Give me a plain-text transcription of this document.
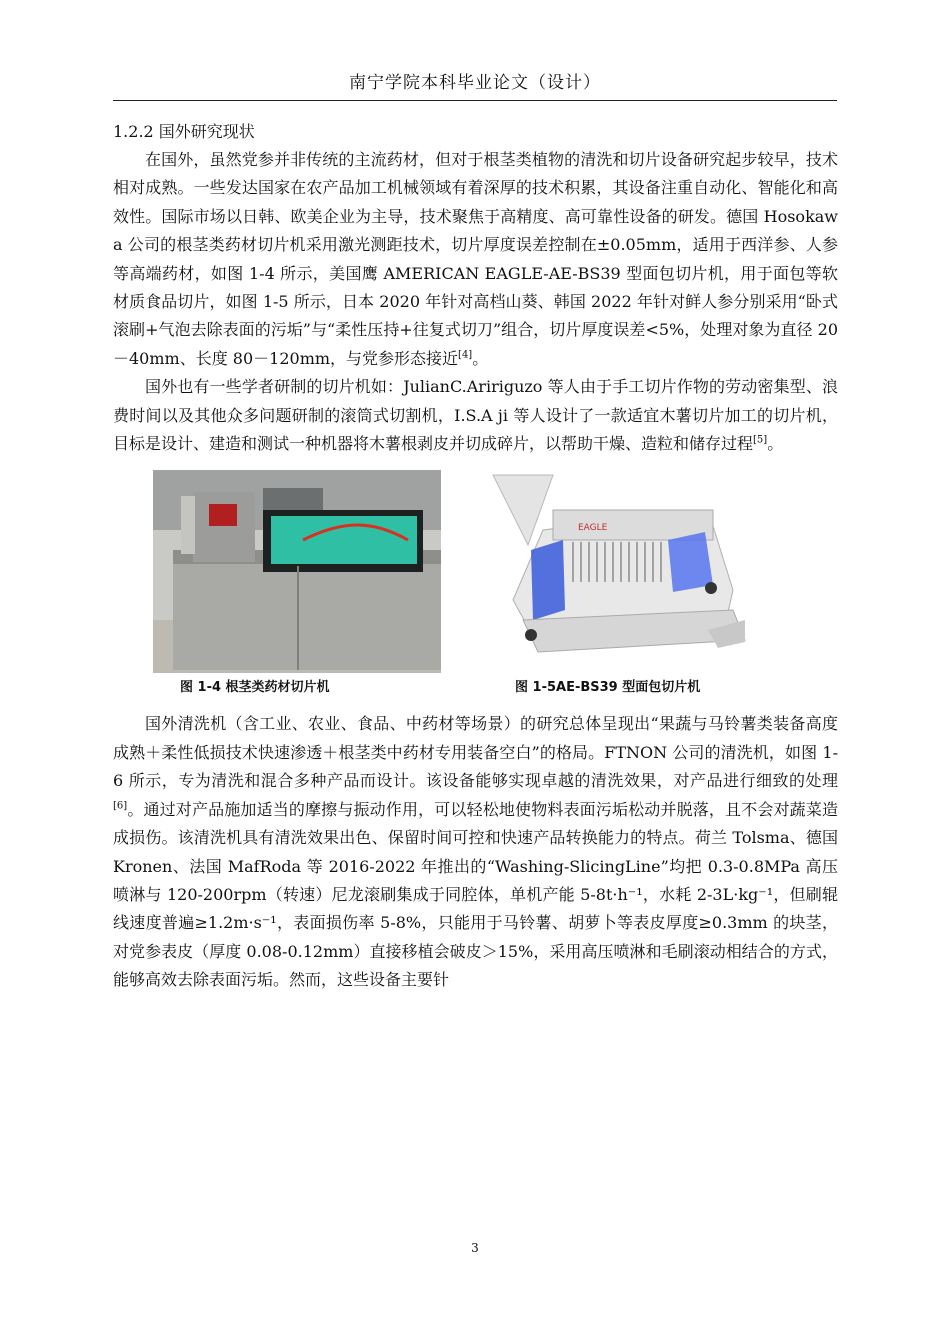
南宁学院本科毕业论文（设计）

1.2.2 国外研究现状

在国外，虽然党参并非传统的主流药材，但对于根茎类植物的清洗和切片设备研究起步较早，技术相对成熟。一些发达国家在农产品加工机械领域有着深厚的技术积累，其设备注重自动化、智能化和高效性。国际市场以日韩、欧美企业为主导，技术聚焦于高精度、高可靠性设备的研发。德国 Hosokawa 公司的根茎类药材切片机采用激光测距技术，切片厚度误差控制在±0.05mm，适用于西洋参、人参等高端药材，如图 1-4 所示，美国鹰 AMERICAN EAGLE-AE-BS39 型面包切片机，用于面包等软材质食品切片，如图 1-5 所示，日本 2020 年针对高档山葵、韩国 2022 年针对鲜人参分别采用“卧式滚刷+气泡去除表面的污垢”与“柔性压持+往复式切刀”组合，切片厚度误差<5%，处理对象为直径 20－40mm、长度 80－120mm，与党参形态接近[4]。

国外也有一些学者研制的切片机如：JulianC.Aririguzo 等人由于手工切片作物的劳动密集型、浪费时间以及其他众多问题研制的滚筒式切割机，I.S.A ji 等人设计了一款适宜木薯切片加工的切片机，目标是设计、建造和测试一种机器将木薯根剥皮并切成碎片，以帮助干燥、造粒和储存过程[5]。

EAGLE
图 1-4 根茎类药材切片机	图 1-5AE-BS39 型面包切片机

国外清洗机（含工业、农业、食品、中药材等场景）的研究总体呈现出“果蔬与马铃薯类装备高度成熟＋柔性低损技术快速渗透＋根茎类中药材专用装备空白”的格局。FTNON 公司的清洗机，如图 1-6 所示，专为清洗和混合多种产品而设计。该设备能够实现卓越的清洗效果，对产品进行细致的处理[6]。通过对产品施加适当的摩擦与振动作用，可以轻松地使物料表面污垢松动并脱落，且不会对蔬菜造成损伤。该清洗机具有清洗效果出色、保留时间可控和快速产品转换能力的特点。荷兰 Tolsma、德国 Kronen、法国 MafRoda 等 2016-2022 年推出的“Washing-SlicingLine”均把 0.3-0.8MPa 高压喷淋与 120-200rpm（转速）尼龙滚刷集成于同腔体，单机产能 5-8t·h⁻¹，水耗 2-3L·kg⁻¹，但刷辊线速度普遍≥1.2m·s⁻¹，表面损伤率 5-8%，只能用于马铃薯、胡萝卜等表皮厚度≥0.3mm 的块茎，对党参表皮（厚度 0.08-0.12mm）直接移植会破皮＞15%，采用高压喷淋和毛刷滚动相结合的方式，能够高效去除表面污垢。然而，这些设备主要针

3
